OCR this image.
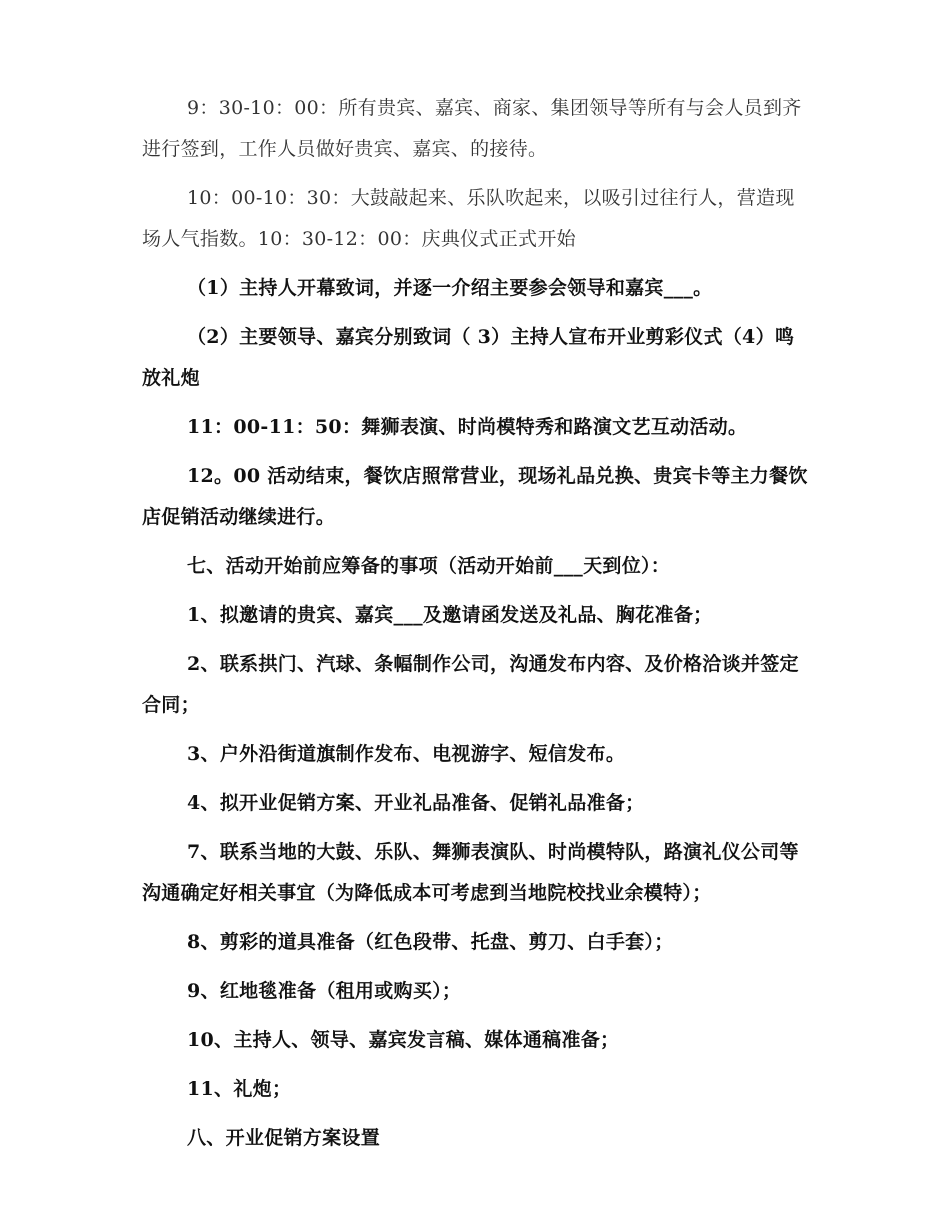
9：30-10：00：所有贵宾、嘉宾、商家、集团领导等所有与会人员到齐进行签到，工作人员做好贵宾、嘉宾、的接待。

10：00-10：30：大鼓敲起来、乐队吹起来，以吸引过往行人，营造现场人气指数。10：30-12：00：庆典仪式正式开始

（1）主持人开幕致词，并逐一介绍主要参会领导和嘉宾___。

（2）主要领导、嘉宾分别致词（ 3）主持人宣布开业剪彩仪式（4）鸣放礼炮

11：00-11：50：舞狮表演、时尚模特秀和路演文艺互动活动。

12。00 活动结束，餐饮店照常营业，现场礼品兑换、贵宾卡等主力餐饮店促销活动继续进行。

七、活动开始前应筹备的事项（活动开始前___天到位）：

1、拟邀请的贵宾、嘉宾___及邀请函发送及礼品、胸花准备；

2、联系拱门、汽球、条幅制作公司，沟通发布内容、及价格洽谈并签定合同；

3、户外沿街道旗制作发布、电视游字、短信发布。

4、拟开业促销方案、开业礼品准备、促销礼品准备；

7、联系当地的大鼓、乐队、舞狮表演队、时尚模特队，路演礼仪公司等沟通确定好相关事宜（为降低成本可考虑到当地院校找业余模特）；

8、剪彩的道具准备（红色段带、托盘、剪刀、白手套）；

9、红地毯准备（租用或购买）；

10、主持人、领导、嘉宾发言稿、媒体通稿准备；

11、礼炮；

八、开业促销方案设置
